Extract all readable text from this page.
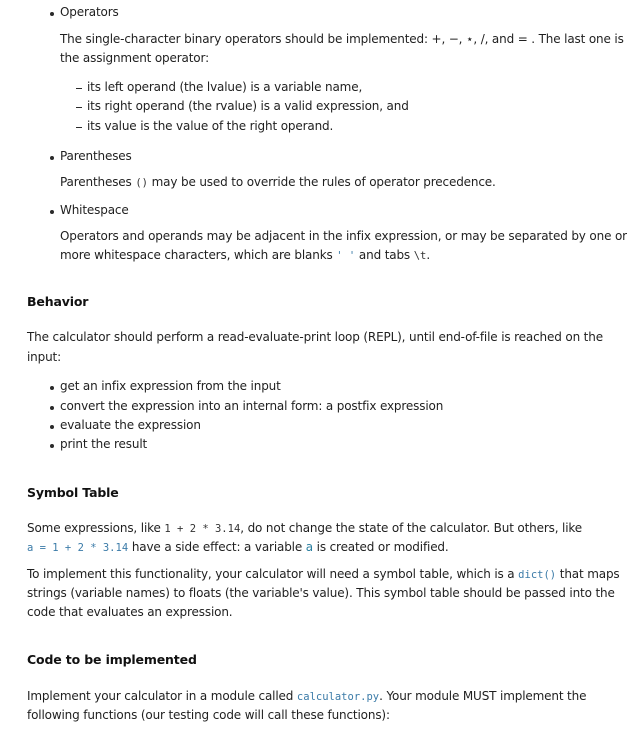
Operators
The single-character binary operators should be implemented: +, −, ⋆, /, and = . The last one is
the assignment operator:
its left operand (the lvalue) is a variable name,
its right operand (the rvalue) is a valid expression, and
its value is the value of the right operand.
Parentheses
Parentheses () may be used to override the rules of operator precedence.
Whitespace
Operators and operands may be adjacent in the infix expression, or may be separated by one or
more whitespace characters, which are blanks ' ' and tabs \t.
Behavior
The calculator should perform a read-evaluate-print loop (REPL), until end-of-file is reached on the
input:
get an infix expression from the input
convert the expression into an internal form: a postfix expression
evaluate the expression
print the result
Symbol Table
Some expressions, like 1 + 2 * 3.14, do not change the state of the calculator. But others, like
a = 1 + 2 * 3.14 have a side effect: a variable a is created or modified.
To implement this functionality, your calculator will need a symbol table, which is a dict() that maps
strings (variable names) to floats (the variable's value). This symbol table should be passed into the
code that evaluates an expression.
Code to be implemented
Implement your calculator in a module called calculator.py. Your module MUST implement the
following functions (our testing code will call these functions):
